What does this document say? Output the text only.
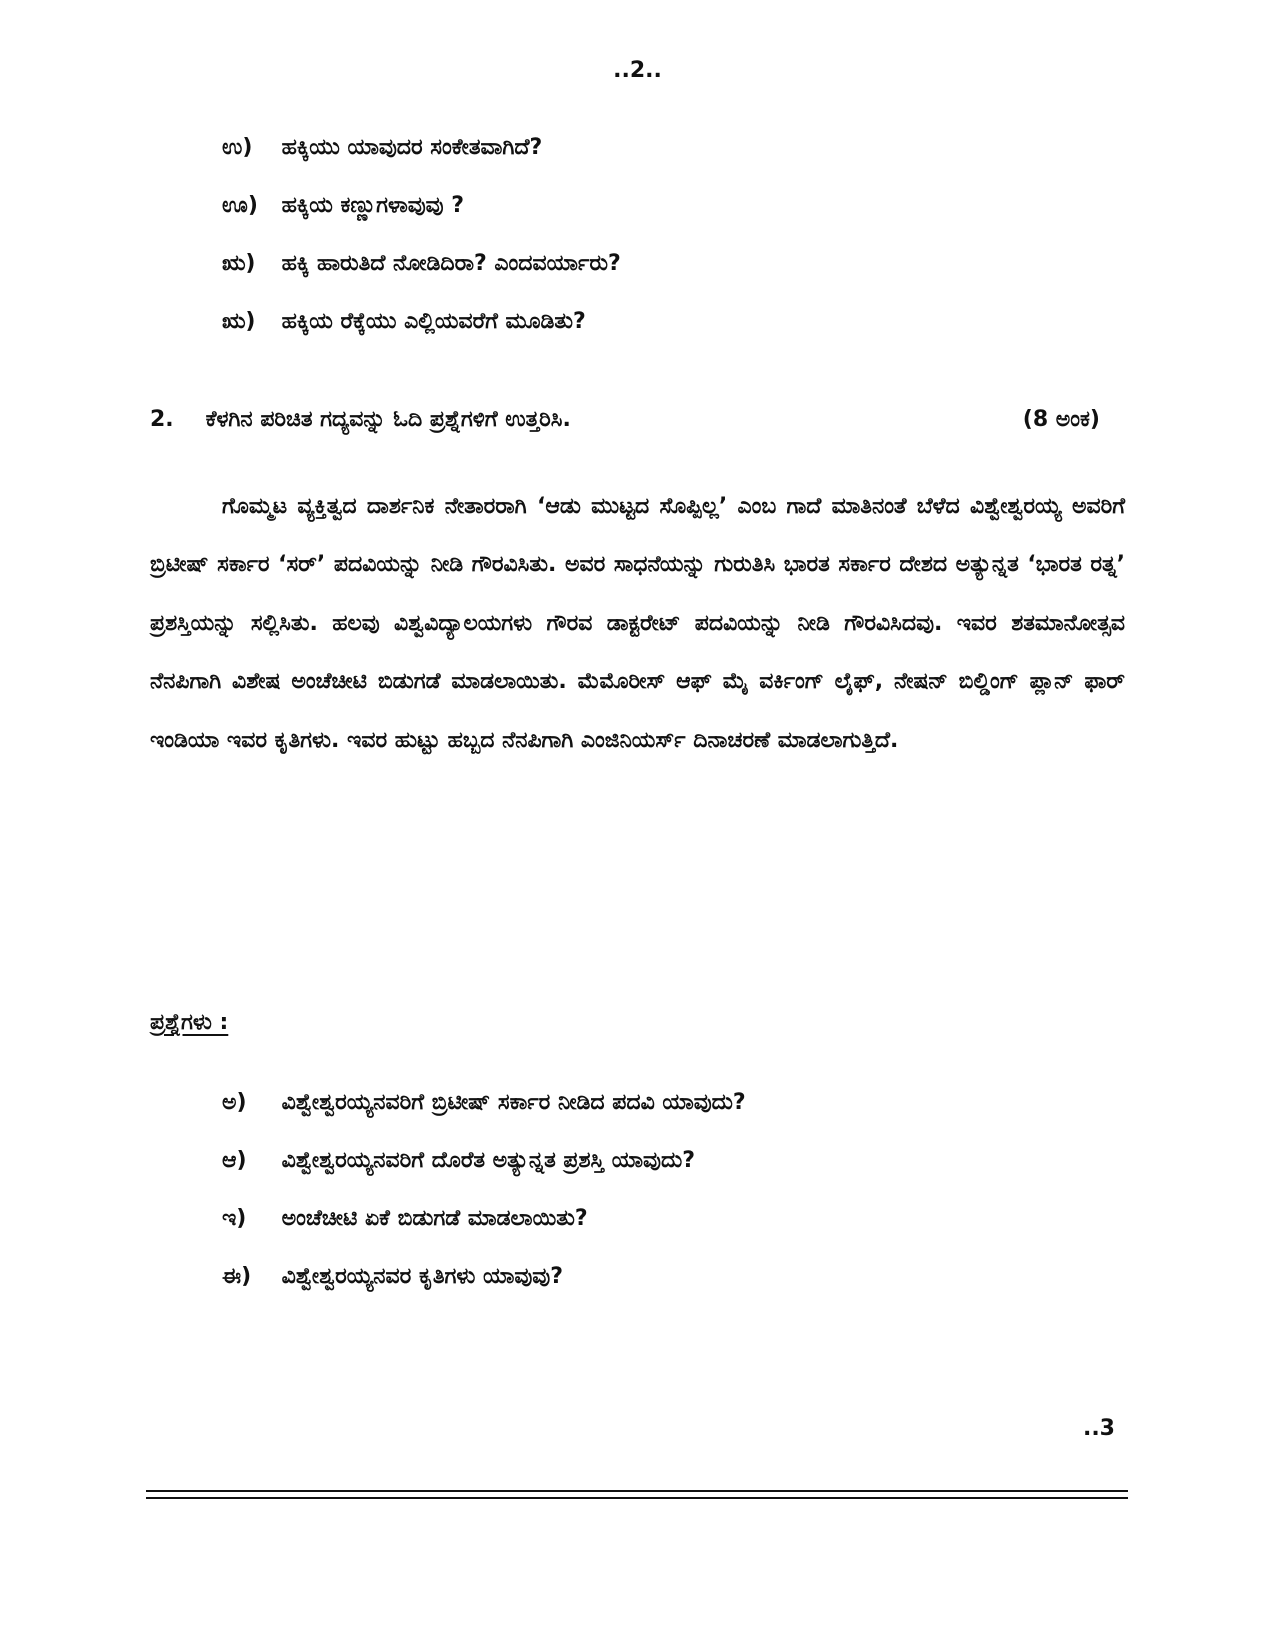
..2..
ಉ) ಹಕ್ಕಿಯು ಯಾವುದರ ಸಂಕೇತವಾಗಿದೆ?
ಊ) ಹಕ್ಕಿಯ ಕಣ್ಣುಗಳಾವುವು ?
ಋ) ಹಕ್ಕಿ ಹಾರುತಿದೆ ನೋಡಿದಿರಾ? ಎಂದವರ್ಯಾರು?
ಋ) ಹಕ್ಕಿಯ ರೆಕ್ಕೆಯು ಎಲ್ಲಿಯವರೆಗೆ ಮೂಡಿತು?
2. ಕೆಳಗಿನ ಪರಿಚಿತ ಗದ್ಯವನ್ನು ಓದಿ ಪ್ರಶ್ನೆಗಳಿಗೆ ಉತ್ತರಿಸಿ.	(8 ಅಂಕ)

ಗೊಮ್ಮಟ ವ್ಯಕ್ತಿತ್ವದ ದಾರ್ಶನಿಕ ನೇತಾರರಾಗಿ ‘ಆಡು ಮುಟ್ಟದ ಸೊಪ್ಪಿಲ್ಲ’ ಎಂಬ ಗಾದೆ ಮಾತಿನಂತೆ ಬೆಳೆದ ವಿಶ್ವೇಶ್ವರಯ್ಯ ಅವರಿಗೆ ಬ್ರಿಟೀಷ್ ಸರ್ಕಾರ ‘ಸರ್’ ಪದವಿಯನ್ನು ನೀಡಿ ಗೌರವಿಸಿತು. ಅವರ ಸಾಧನೆಯನ್ನು ಗುರುತಿಸಿ ಭಾರತ ಸರ್ಕಾರ ದೇಶದ ಅತ್ಯುನ್ನತ ‘ಭಾರತ ರತ್ನ’ ಪ್ರಶಸ್ತಿಯನ್ನು ಸಲ್ಲಿಸಿತು. ಹಲವು ವಿಶ್ವವಿದ್ಯಾಲಯಗಳು ಗೌರವ ಡಾಕ್ಟರೇಟ್ ಪದವಿಯನ್ನು ನೀಡಿ ಗೌರವಿಸಿದವು. ಇವರ ಶತಮಾನೋತ್ಸವ ನೆನಪಿಗಾಗಿ ವಿಶೇಷ ಅಂಚೆಚೀಟಿ ಬಿಡುಗಡೆ ಮಾಡಲಾಯಿತು. ಮೆಮೊರೀಸ್ ಆಫ್ ಮೈ ವರ್ಕಿಂಗ್ ಲೈಫ್, ನೇಷನ್ ಬಿಲ್ಡಿಂಗ್ ಪ್ಲಾನ್ ಫಾರ್ ಇಂಡಿಯಾ ಇವರ ಕೃತಿಗಳು. ಇವರ ಹುಟ್ಟು ಹಬ್ಬದ ನೆನಪಿಗಾಗಿ ಎಂಜಿನಿಯರ್ಸ್ ದಿನಾಚರಣೆ ಮಾಡಲಾಗುತ್ತಿದೆ.

ಪ್ರಶ್ನೆಗಳು :
ಅ) ವಿಶ್ವೇಶ್ವರಯ್ಯನವರಿಗೆ ಬ್ರಿಟೀಷ್ ಸರ್ಕಾರ ನೀಡಿದ ಪದವಿ ಯಾವುದು?
ಆ) ವಿಶ್ವೇಶ್ವರಯ್ಯನವರಿಗೆ ದೊರೆತ ಅತ್ಯುನ್ನತ ಪ್ರಶಸ್ತಿ ಯಾವುದು?
ಇ) ಅಂಚೆಚೀಟಿ ಏಕೆ ಬಿಡುಗಡೆ ಮಾಡಲಾಯಿತು?
ಈ) ವಿಶ್ವೇಶ್ವರಯ್ಯನವರ ಕೃತಿಗಳು ಯಾವುವು?
..3
